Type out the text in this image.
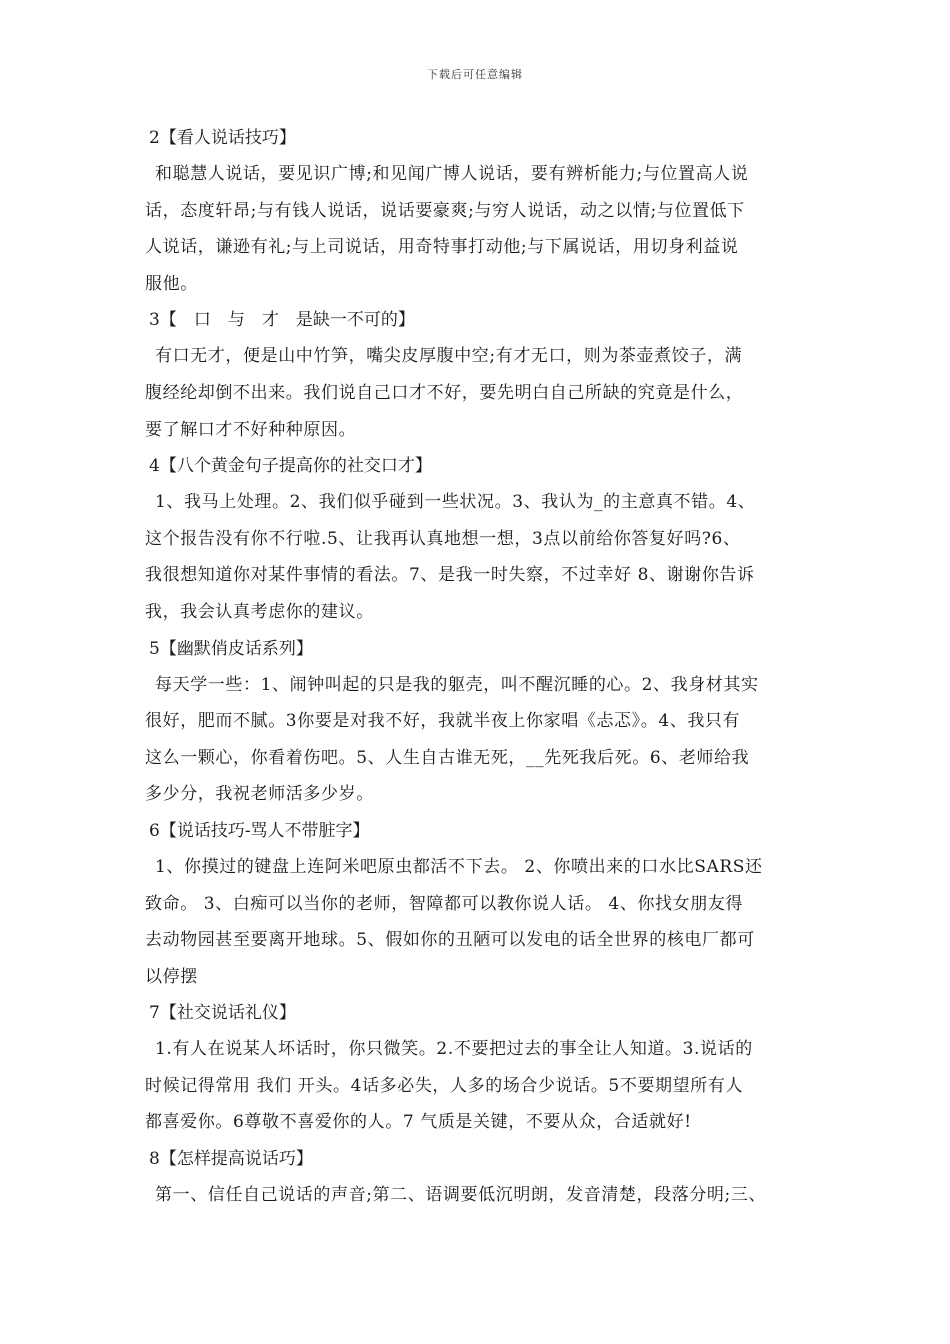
下载后可任意编辑
2【看人说话技巧】
和聪慧人说话，要见识广博;和见闻广博人说话，要有辨析能力;与位置高人说
话，态度轩昂;与有钱人说话，说话要豪爽;与穷人说话，动之以情;与位置低下
人说话，谦逊有礼;与上司说话，用奇特事打动他;与下属说话，用切身利益说
服他。
3【　口　与　才　是缺一不可的】
有口无才，便是山中竹笋，嘴尖皮厚腹中空;有才无口，则为茶壶煮饺子，满
腹经纶却倒不出来。我们说自己口才不好，要先明白自己所缺的究竟是什么，
要了解口才不好种种原因。
4【八个黄金句子提高你的社交口才】
1、我马上处理。2、我们似乎碰到一些状况。3、我认为_的主意真不错。4、
这个报告没有你不行啦.5、让我再认真地想一想，3点以前给你答复好吗?6、
我很想知道你对某件事情的看法。7、是我一时失察，不过幸好 8、谢谢你告诉
我，我会认真考虑你的建议。
5【幽默俏皮话系列】
每天学一些：1、闹钟叫起的只是我的躯壳，叫不醒沉睡的心。2、我身材其实
很好，肥而不腻。3你要是对我不好，我就半夜上你家唱《忐忑》。4、我只有
这么一颗心，你看着伤吧。5、人生自古谁无死，__先死我后死。6、老师给我
多少分，我祝老师活多少岁。
6【说话技巧-骂人不带脏字】
1、你摸过的键盘上连阿米吧原虫都活不下去。 2、你喷出来的口水比SARS还
致命。 3、白痴可以当你的老师，智障都可以教你说人话。 4、你找女朋友得
去动物园甚至要离开地球。5、假如你的丑陋可以发电的话全世界的核电厂都可
以停摆
7【社交说话礼仪】
1.有人在说某人坏话时，你只微笑。2.不要把过去的事全让人知道。3.说话的
时候记得常用 我们 开头。4话多必失，人多的场合少说话。5不要期望所有人
都喜爱你。6尊敬不喜爱你的人。7 气质是关键，不要从众，合适就好!
8【怎样提高说话巧】
第一、信任自己说话的声音;第二、语调要低沉明朗，发音清楚，段落分明;三、
